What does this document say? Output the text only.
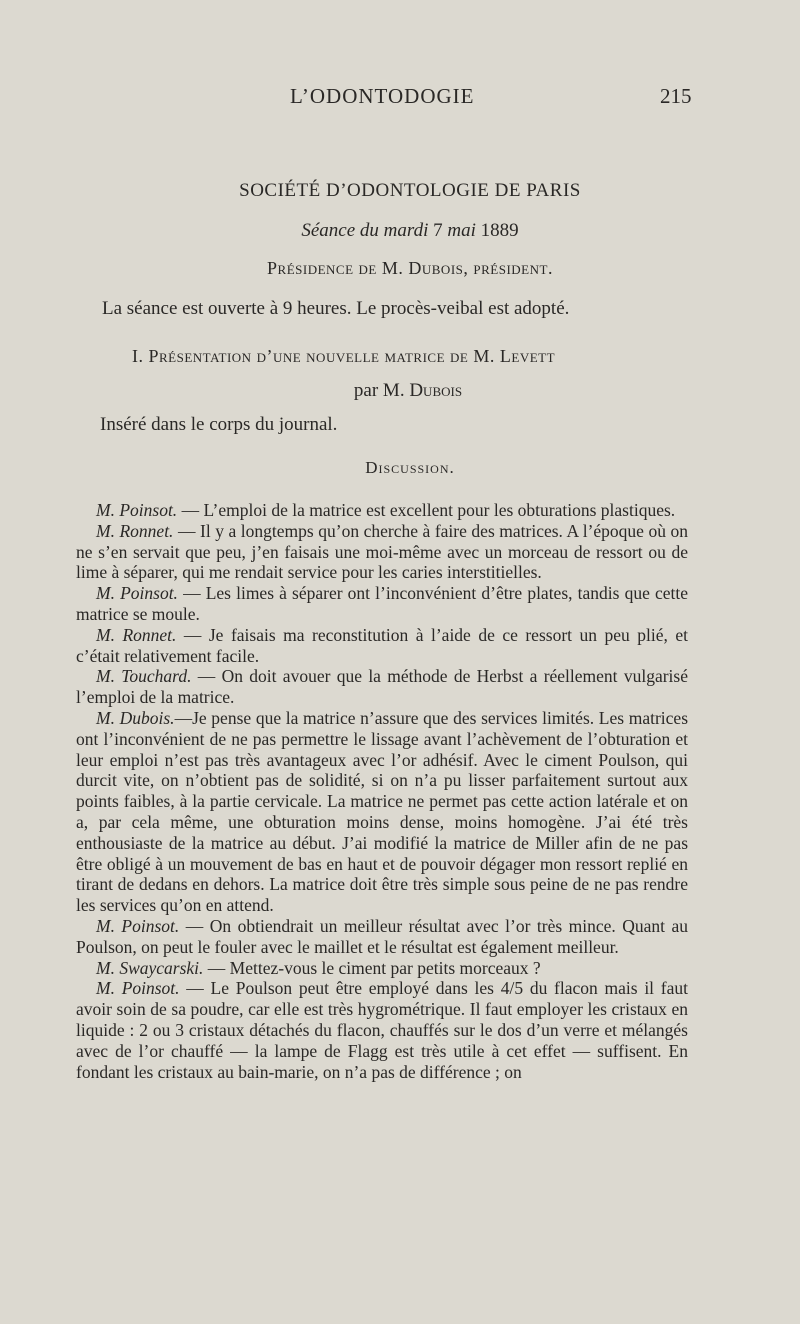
L’ODONTODOGIE	215
SOCIÉTÉ D’ODONTOLOGIE DE PARIS
Séance du mardi 7 mai 1889
Présidence de M. Dubois, président.
La séance est ouverte à 9 heures. Le procès-veibal est adopté.
I. Présentation d’une nouvelle matrice de M. Levett
par M. Dubois
Inséré dans le corps du journal.
Discussion.

M. Poinsot. — L’emploi de la matrice est excellent pour les obturations plastiques.

M. Ronnet. — Il y a longtemps qu’on cherche à faire des matrices. A l’époque où on ne s’en servait que peu, j’en faisais une moi-même avec un morceau de ressort ou de lime à séparer, qui me rendait service pour les caries interstitielles.

M. Poinsot. — Les limes à séparer ont l’inconvénient d’être plates, tandis que cette matrice se moule.

M. Ronnet. — Je faisais ma reconstitution à l’aide de ce ressort un peu plié, et c’était relativement facile.

M. Touchard. — On doit avouer que la méthode de Herbst a réellement vulgarisé l’emploi de la matrice.

M. Dubois.—Je pense que la matrice n’assure que des services limités. Les matrices ont l’inconvénient de ne pas permettre le lissage avant l’achèvement de l’obturation et leur emploi n’est pas très avantageux avec l’or adhésif. Avec le ciment Poulson, qui durcit vite, on n’obtient pas de solidité, si on n’a pu lisser parfaitement surtout aux points faibles, à la partie cervicale. La matrice ne permet pas cette action latérale et on a, par cela même, une obturation moins dense, moins homogène. J’ai été très enthousiaste de la matrice au début. J’ai modifié la matrice de Miller afin de ne pas être obligé à un mouvement de bas en haut et de pouvoir dégager mon ressort replié en tirant de dedans en dehors. La matrice doit être très simple sous peine de ne pas rendre les services qu’on en attend.

M. Poinsot. — On obtiendrait un meilleur résultat avec l’or très mince. Quant au Poulson, on peut le fouler avec le maillet et le résultat est également meilleur.

M. Swaycarski. — Mettez-vous le ciment par petits morceaux ?

M. Poinsot. — Le Poulson peut être employé dans les 4/5 du flacon mais il faut avoir soin de sa poudre, car elle est très hygrométrique. Il faut employer les cristaux en liquide : 2 ou 3 cristaux détachés du flacon, chauffés sur le dos d’un verre et mélangés avec de l’or chauffé — la lampe de Flagg est très utile à cet effet — suffisent. En fondant les cristaux au bain-marie, on n’a pas de différence ; on
